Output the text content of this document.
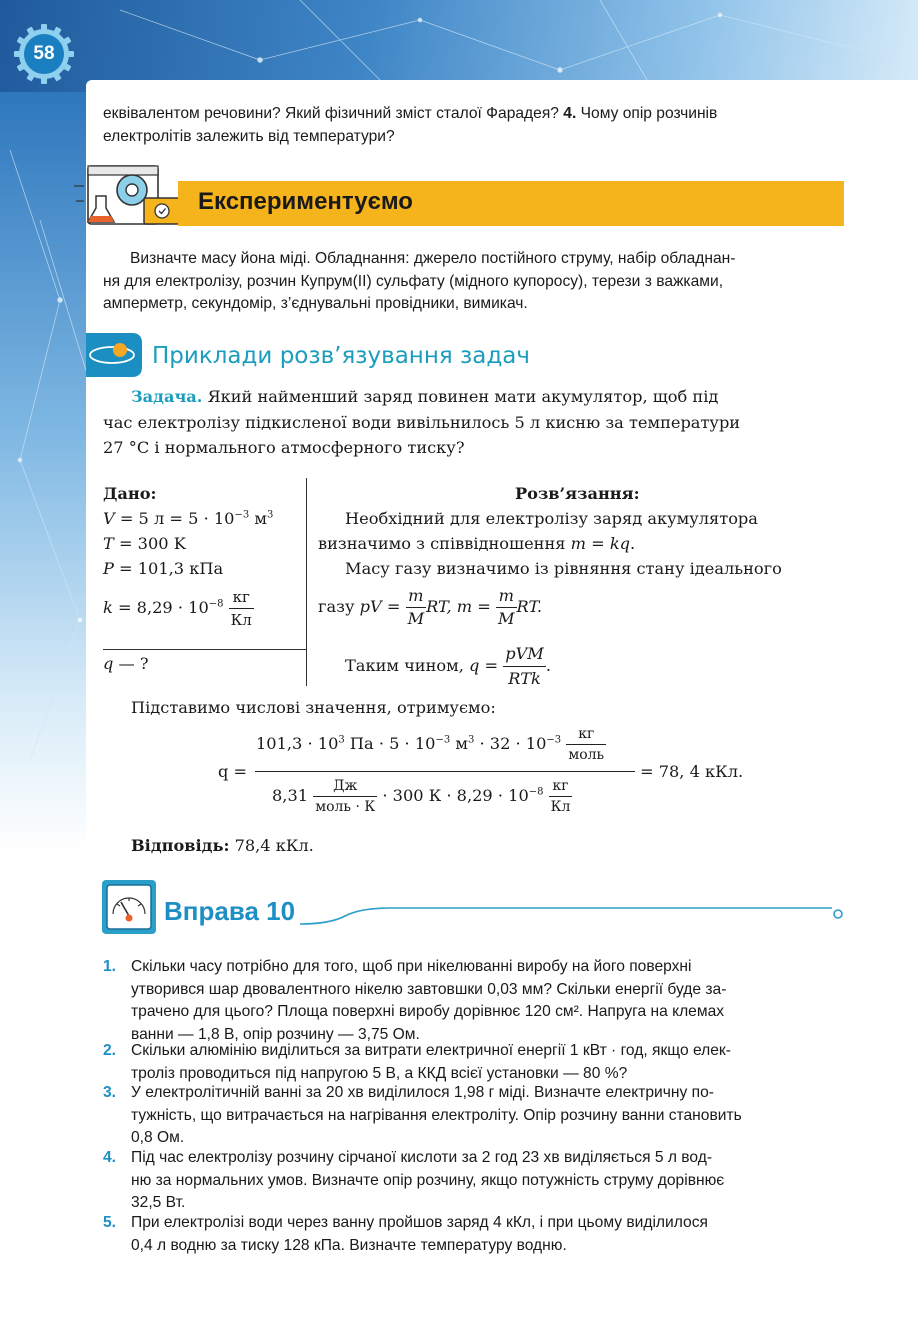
58
еквівалентом речовини? Який фізичний зміст сталої Фарадея? 4. Чому опір розчинів
електролітів залежить від температури?
Експериментуємо
Визначте масу йона міді. Обладнання: джерело постійного струму, набір обладнан-
ня для електролізу, розчин Купрум(II) сульфату (мідного купоросу), терези з важками,
амперметр, секундомір, з’єднувальні провідники, вимикач.
Приклади розв’язування задач
Задача. Який найменший заряд повинен мати акумулятор, щоб під
час електролізу підкисленої води вивільнилось 5 л кисню за температури
27 °С і нормального атмосферного тиску?
Дано:
V = 5 $л = 5 \cdot 10^{-3}$ $м^3$
T = 300 K
P = 101,3 кПа
$k = 8,29 \cdot 10^{-8} \frac{кг}{Кл}$
q — ?
Розв’язання:
Необхідний для електролізу заряд акумулятора
визначимо з співвідношення m = kq.
Масу газу визначимо із рівняння стану ідеального
газу pV = $\frac{m}{M}$ RT, $m = \frac{m}{M}$ RT.
Таким чином, $q = \frac{\text{pVM}}{\text{RTk}}$ .
Підставимо числові значення, отримуємо:
q =
$101,3 \cdot 10^3$ Па · $5 \cdot 10^{-3}$ $м^3 \cdot 32 \cdot 10^{-3} \frac{кг}{\text{моль}}$
$8,31 \frac{Дж}{\text{моль · К}} \cdot 300$ $К \cdot 8,29 \cdot 10^{-8} \frac{кг}{Кл}$
= 78, 4 кКл.
Відповідь: 78,4 кКл.
Вправа 10
1. Скільки часу потрібно для того, щоб при нікелюванні виробу на його поверхні
утворився шар двовалентного нікелю завтовшки 0,03 мм? Скільки енергії буде за-
трачено для цього? Площа поверхні виробу дорівнює 120 см². Напруга на клемах
ванни — 1,8 В, опір розчину — 3,75 Ом.
2. Скільки алюмінію виділиться за витрати електричної енергії 1 кВт · год, якщо елек-
троліз проводиться під напругою 5 В, а ККД всієї установки — 80 %?
3. У електролітичній ванні за 20 хв виділилося 1,98 г міді. Визначте електричну по-
тужність, що витрачається на нагрівання електроліту. Опір розчину ванни становить
0,8 Ом.
4. Під час електролізу розчину сірчаної кислоти за 2 год 23 хв виділяється 5 л вод-
ню за нормальних умов. Визначте опір розчину, якщо потужність струму дорівнює
32,5 Вт.
5. При електролізі води через ванну пройшов заряд 4 кКл, і при цьому виділилося
0,4 л водню за тиску 128 кПа. Визначте температуру водню.
